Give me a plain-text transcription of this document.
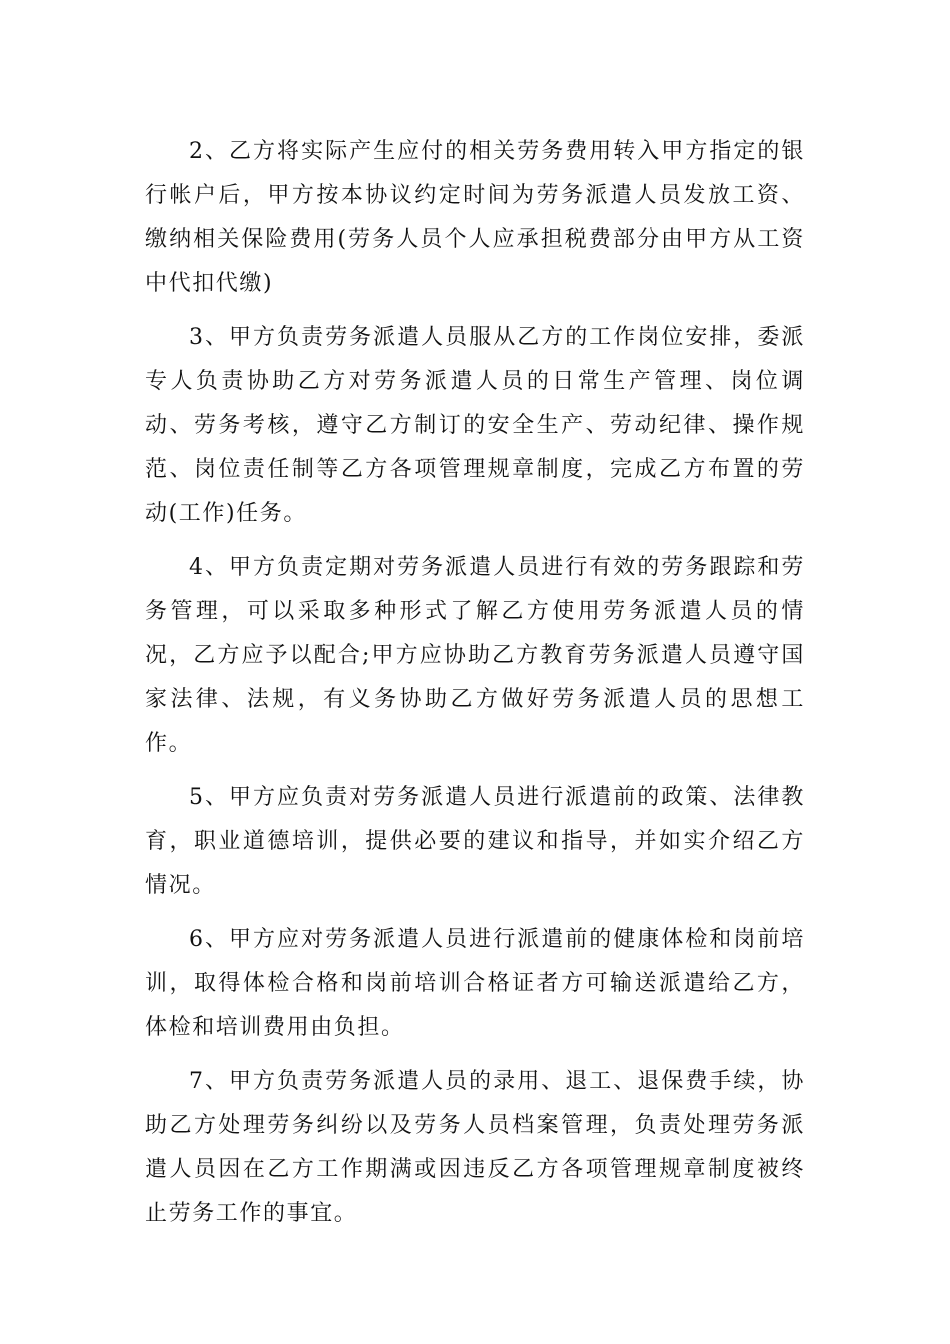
2、乙方将实际产生应付的相关劳务费用转入甲方指定的银行帐户后，甲方按本协议约定时间为劳务派遣人员发放工资、缴纳相关保险费用(劳务人员个人应承担税费部分由甲方从工资中代扣代缴)

3、甲方负责劳务派遣人员服从乙方的工作岗位安排，委派专人负责协助乙方对劳务派遣人员的日常生产管理、岗位调动、劳务考核，遵守乙方制订的安全生产、劳动纪律、操作规范、岗位责任制等乙方各项管理规章制度，完成乙方布置的劳动(工作)任务。

4、甲方负责定期对劳务派遣人员进行有效的劳务跟踪和劳务管理，可以采取多种形式了解乙方使用劳务派遣人员的情况，乙方应予以配合;甲方应协助乙方教育劳务派遣人员遵守国家法律、法规，有义务协助乙方做好劳务派遣人员的思想工作。

5、甲方应负责对劳务派遣人员进行派遣前的政策、法律教育，职业道德培训，提供必要的建议和指导，并如实介绍乙方情况。

6、甲方应对劳务派遣人员进行派遣前的健康体检和岗前培训，取得体检合格和岗前培训合格证者方可输送派遣给乙方，体检和培训费用由负担。

7、甲方负责劳务派遣人员的录用、退工、退保费手续，协助乙方处理劳务纠纷以及劳务人员档案管理，负责处理劳务派遣人员因在乙方工作期满或因违反乙方各项管理规章制度被终止劳务工作的事宜。
